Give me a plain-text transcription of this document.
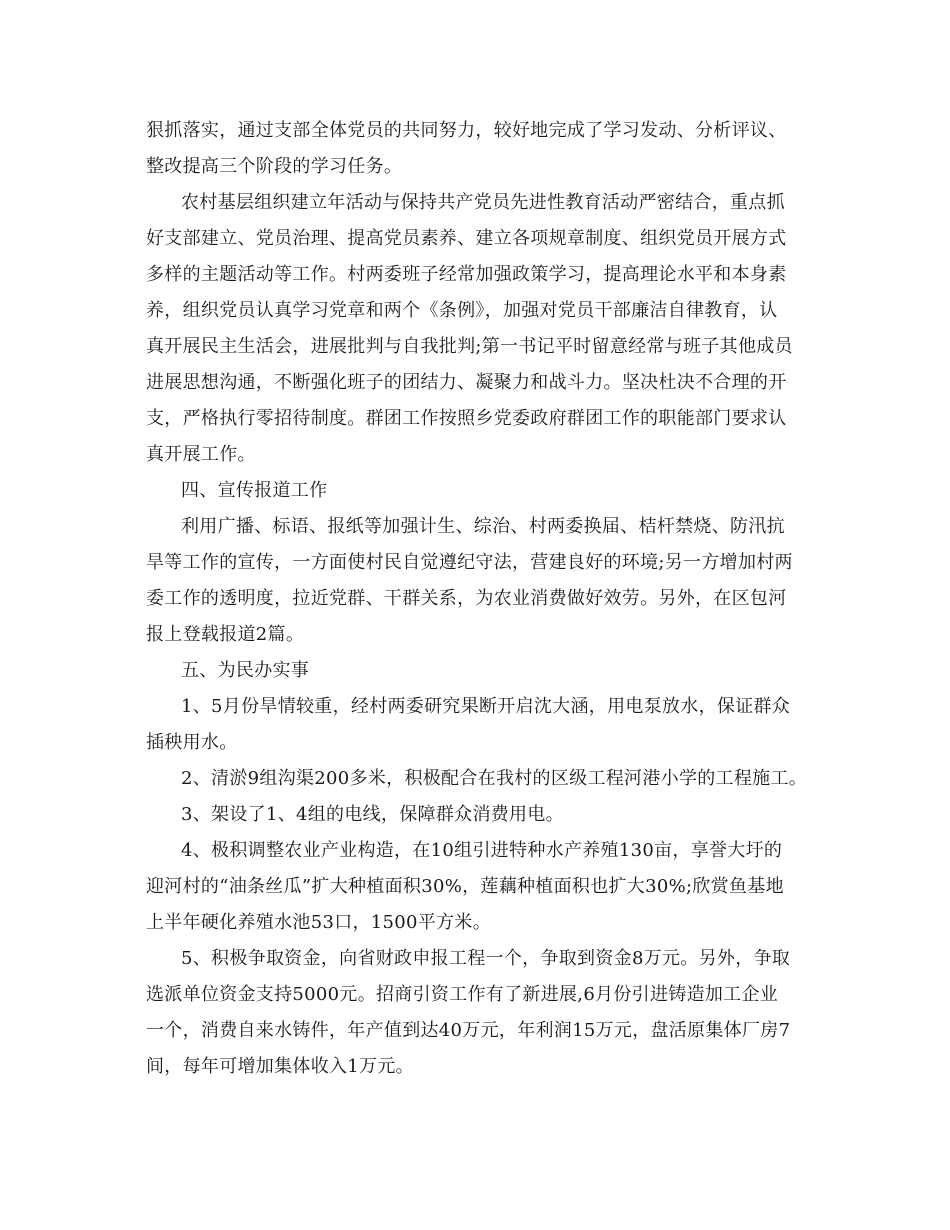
狠抓落实，通过支部全体党员的共同努力，较好地完成了学习发动、分析评议、
整改提高三个阶段的学习任务。
农村基层组织建立年活动与保持共产党员先进性教育活动严密结合，重点抓
好支部建立、党员治理、提高党员素养、建立各项规章制度、组织党员开展方式
多样的主题活动等工作。村两委班子经常加强政策学习，提高理论水平和本身素
养，组织党员认真学习党章和两个《条例》，加强对党员干部廉洁自律教育，认
真开展民主生活会，进展批判与自我批判;第一书记平时留意经常与班子其他成员
进展思想沟通，不断强化班子的团结力、凝聚力和战斗力。坚决杜决不合理的开
支，严格执行零招待制度。群团工作按照乡党委政府群团工作的职能部门要求认
真开展工作。
四、宣传报道工作
利用广播、标语、报纸等加强计生、综治、村两委换届、桔杆禁烧、防汛抗
旱等工作的宣传，一方面使村民自觉遵纪守法，营建良好的环境;另一方增加村两
委工作的透明度，拉近党群、干群关系，为农业消费做好效劳。另外，在区包河
报上登载报道2篇。
五、为民办实事
1、5月份旱情较重，经村两委研究果断开启沈大涵，用电泵放水，保证群众
插秧用水。
2、清淤9组沟渠200多米，积极配合在我村的区级工程河港小学的工程施工。
3、架设了1、4组的电线，保障群众消费用电。
4、极积调整农业产业构造，在10组引进特种水产养殖130亩，享誉大圩的
迎河村的“油条丝瓜”扩大种植面积30%，莲藕种植面积也扩大30%;欣赏鱼基地
上半年硬化养殖水池53口，1500平方米。
5、积极争取资金，向省财政申报工程一个，争取到资金8万元。另外，争取
选派单位资金支持5000元。招商引资工作有了新进展,6月份引进铸造加工企业
一个，消费自来水铸件，年产值到达40万元，年利润15万元，盘活原集体厂房7
间，每年可增加集体收入1万元。
